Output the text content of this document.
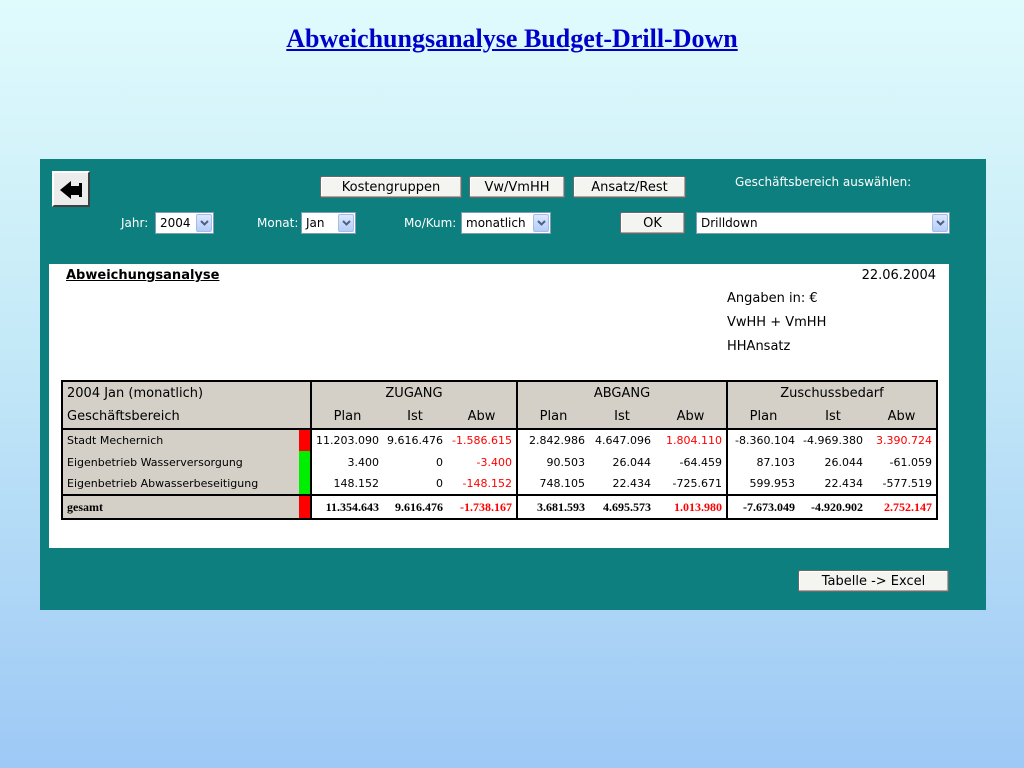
Abweichungsanalyse Budget-Drill-Down
Kostengruppen	Vw/VmHH	Ansatz/Rest	Geschäftsbereich auswählen:
Jahr: 2004	Monat: Jan	Mo/Kum: monatlich	OK	Drilldown
Abweichungsanalyse	22.06.2004
Angaben in: €
VwHH + VmHH
HHAnsatz
2004 Jan (monatlich)		ZUGANG			ABGANG			Zuschussbedarf		
Geschäftsbereich		Plan	Ist	Abw	Plan	Ist	Abw	Plan	Ist	Abw
Stadt Mechernich		11.203.090	9.616.476	-1.586.615	2.842.986	4.647.096	1.804.110	-8.360.104	-4.969.380	3.390.724
Eigenbetrieb Wasserversorgung		3.400	0	-3.400	90.503	26.044	-64.459	87.103	26.044	-61.059
Eigenbetrieb Abwasserbeseitigung		148.152	0	-148.152	748.105	22.434	-725.671	599.953	22.434	-577.519
gesamt		11.354.643	9.616.476	-1.738.167	3.681.593	4.695.573	1.013.980	-7.673.049	-4.920.902	2.752.147
Tabelle -> Excel
